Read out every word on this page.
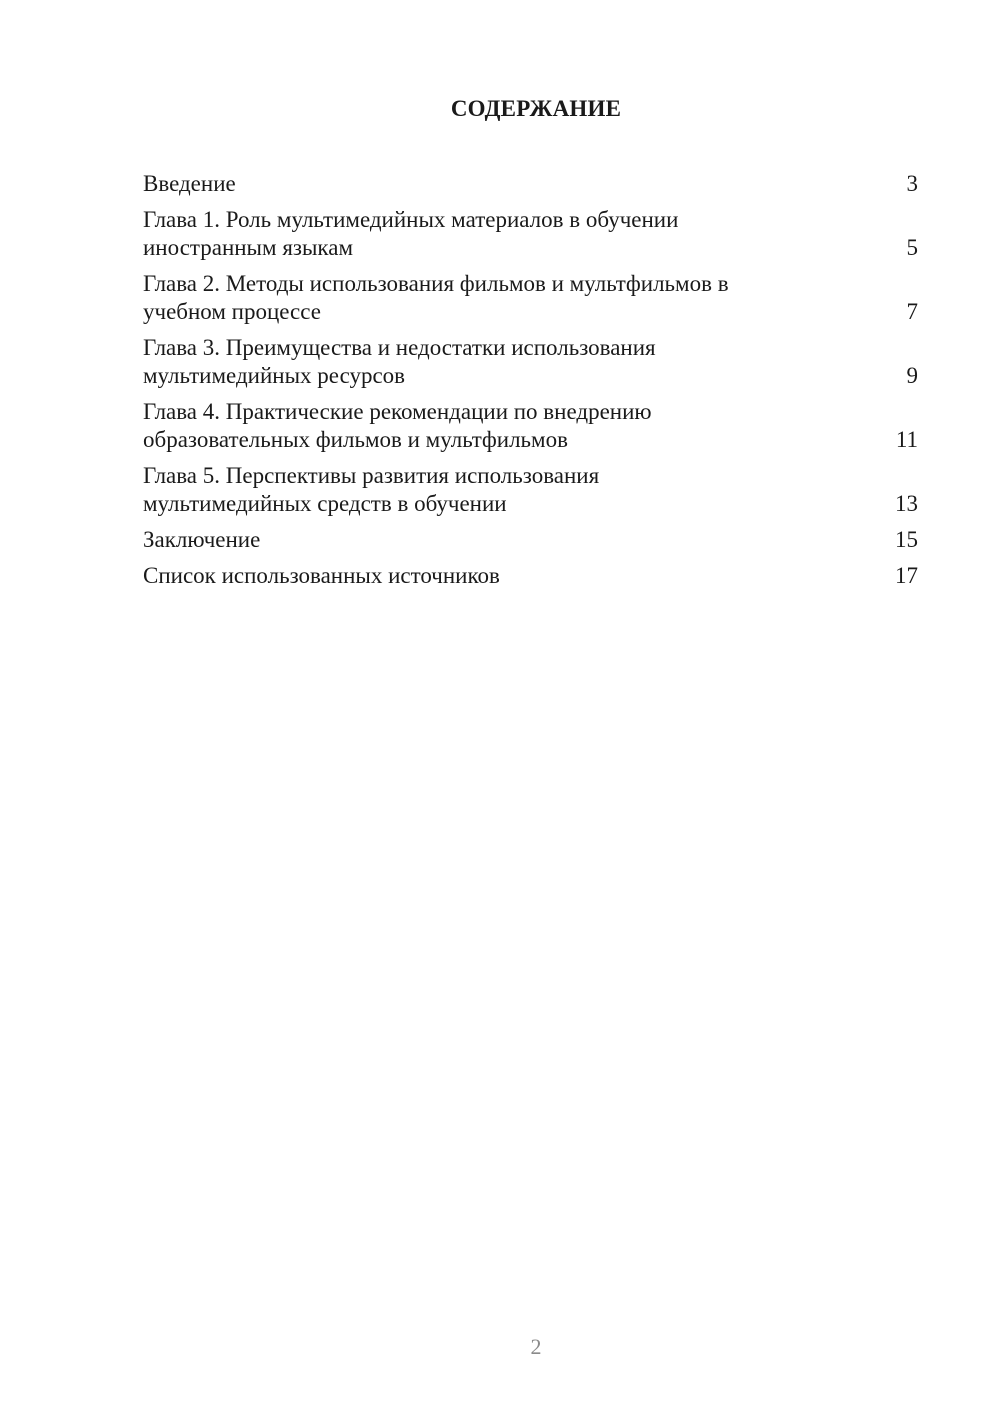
СОДЕРЖАНИЕ
Введение	3
Глава 1. Роль мультимедийных материалов в обучении
иностранным языкам	5
Глава 2. Методы использования фильмов и мультфильмов в
учебном процессе	7
Глава 3. Преимущества и недостатки использования
мультимедийных ресурсов	9
Глава 4. Практические рекомендации по внедрению
образовательных фильмов и мультфильмов	11
Глава 5. Перспективы развития использования
мультимедийных средств в обучении	13
Заключение	15
Список использованных источников	17
2
